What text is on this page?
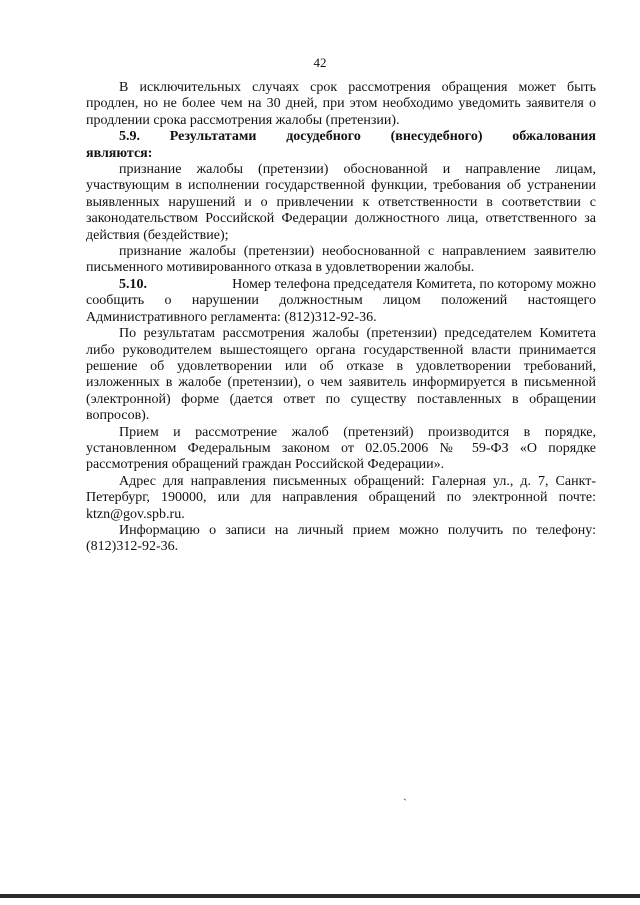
42

В исключительных случаях срок рассмотрения обращения может быть продлен, но не более чем на 30 дней, при этом необходимо уведомить заявителя о продлении срока рассмотрения жалобы (претензии).

5.9. Результатами досудебного (внесудебного) обжалования

являются:

признание жалобы (претензии) обоснованной и направление лицам, участвующим в исполнении государственной функции, требования об устранении выявленных нарушений и о привлечении к ответственности в соответствии с законодательством Российской Федерации должностного лица, ответственного за действия (бездействие);

признание жалобы (претензии) необоснованной с направлением заявителю письменного мотивированного отказа в удовлетворении жалобы.

5.10.	Номер телефона председателя Комитета, по которому можно

сообщить о нарушении должностным лицом положений настоящего

Административного регламента: (812)312-92-36.

По результатам рассмотрения жалобы (претензии) председателем Комитета либо руководителем вышестоящего органа государственной власти принимается решение об удовлетворении или об отказе в удовлетворении требований, изложенных в жалобе (претензии), о чем заявитель информируется в письменной (электронной) форме (дается ответ по существу поставленных в обращении вопросов).

Прием и рассмотрение жалоб (претензий) производится в порядке, установленном Федеральным законом от 02.05.2006 № 59-ФЗ «О порядке рассмотрения обращений граждан Российской Федерации».

Адрес для направления письменных обращений: Галерная ул., д. 7, Санкт-Петербург, 190000, или для направления обращений по электронной почте: ktzn@gov.spb.ru.

Информацию о записи на личный прием можно получить по телефону: (812)312-92-36.

ˏ
